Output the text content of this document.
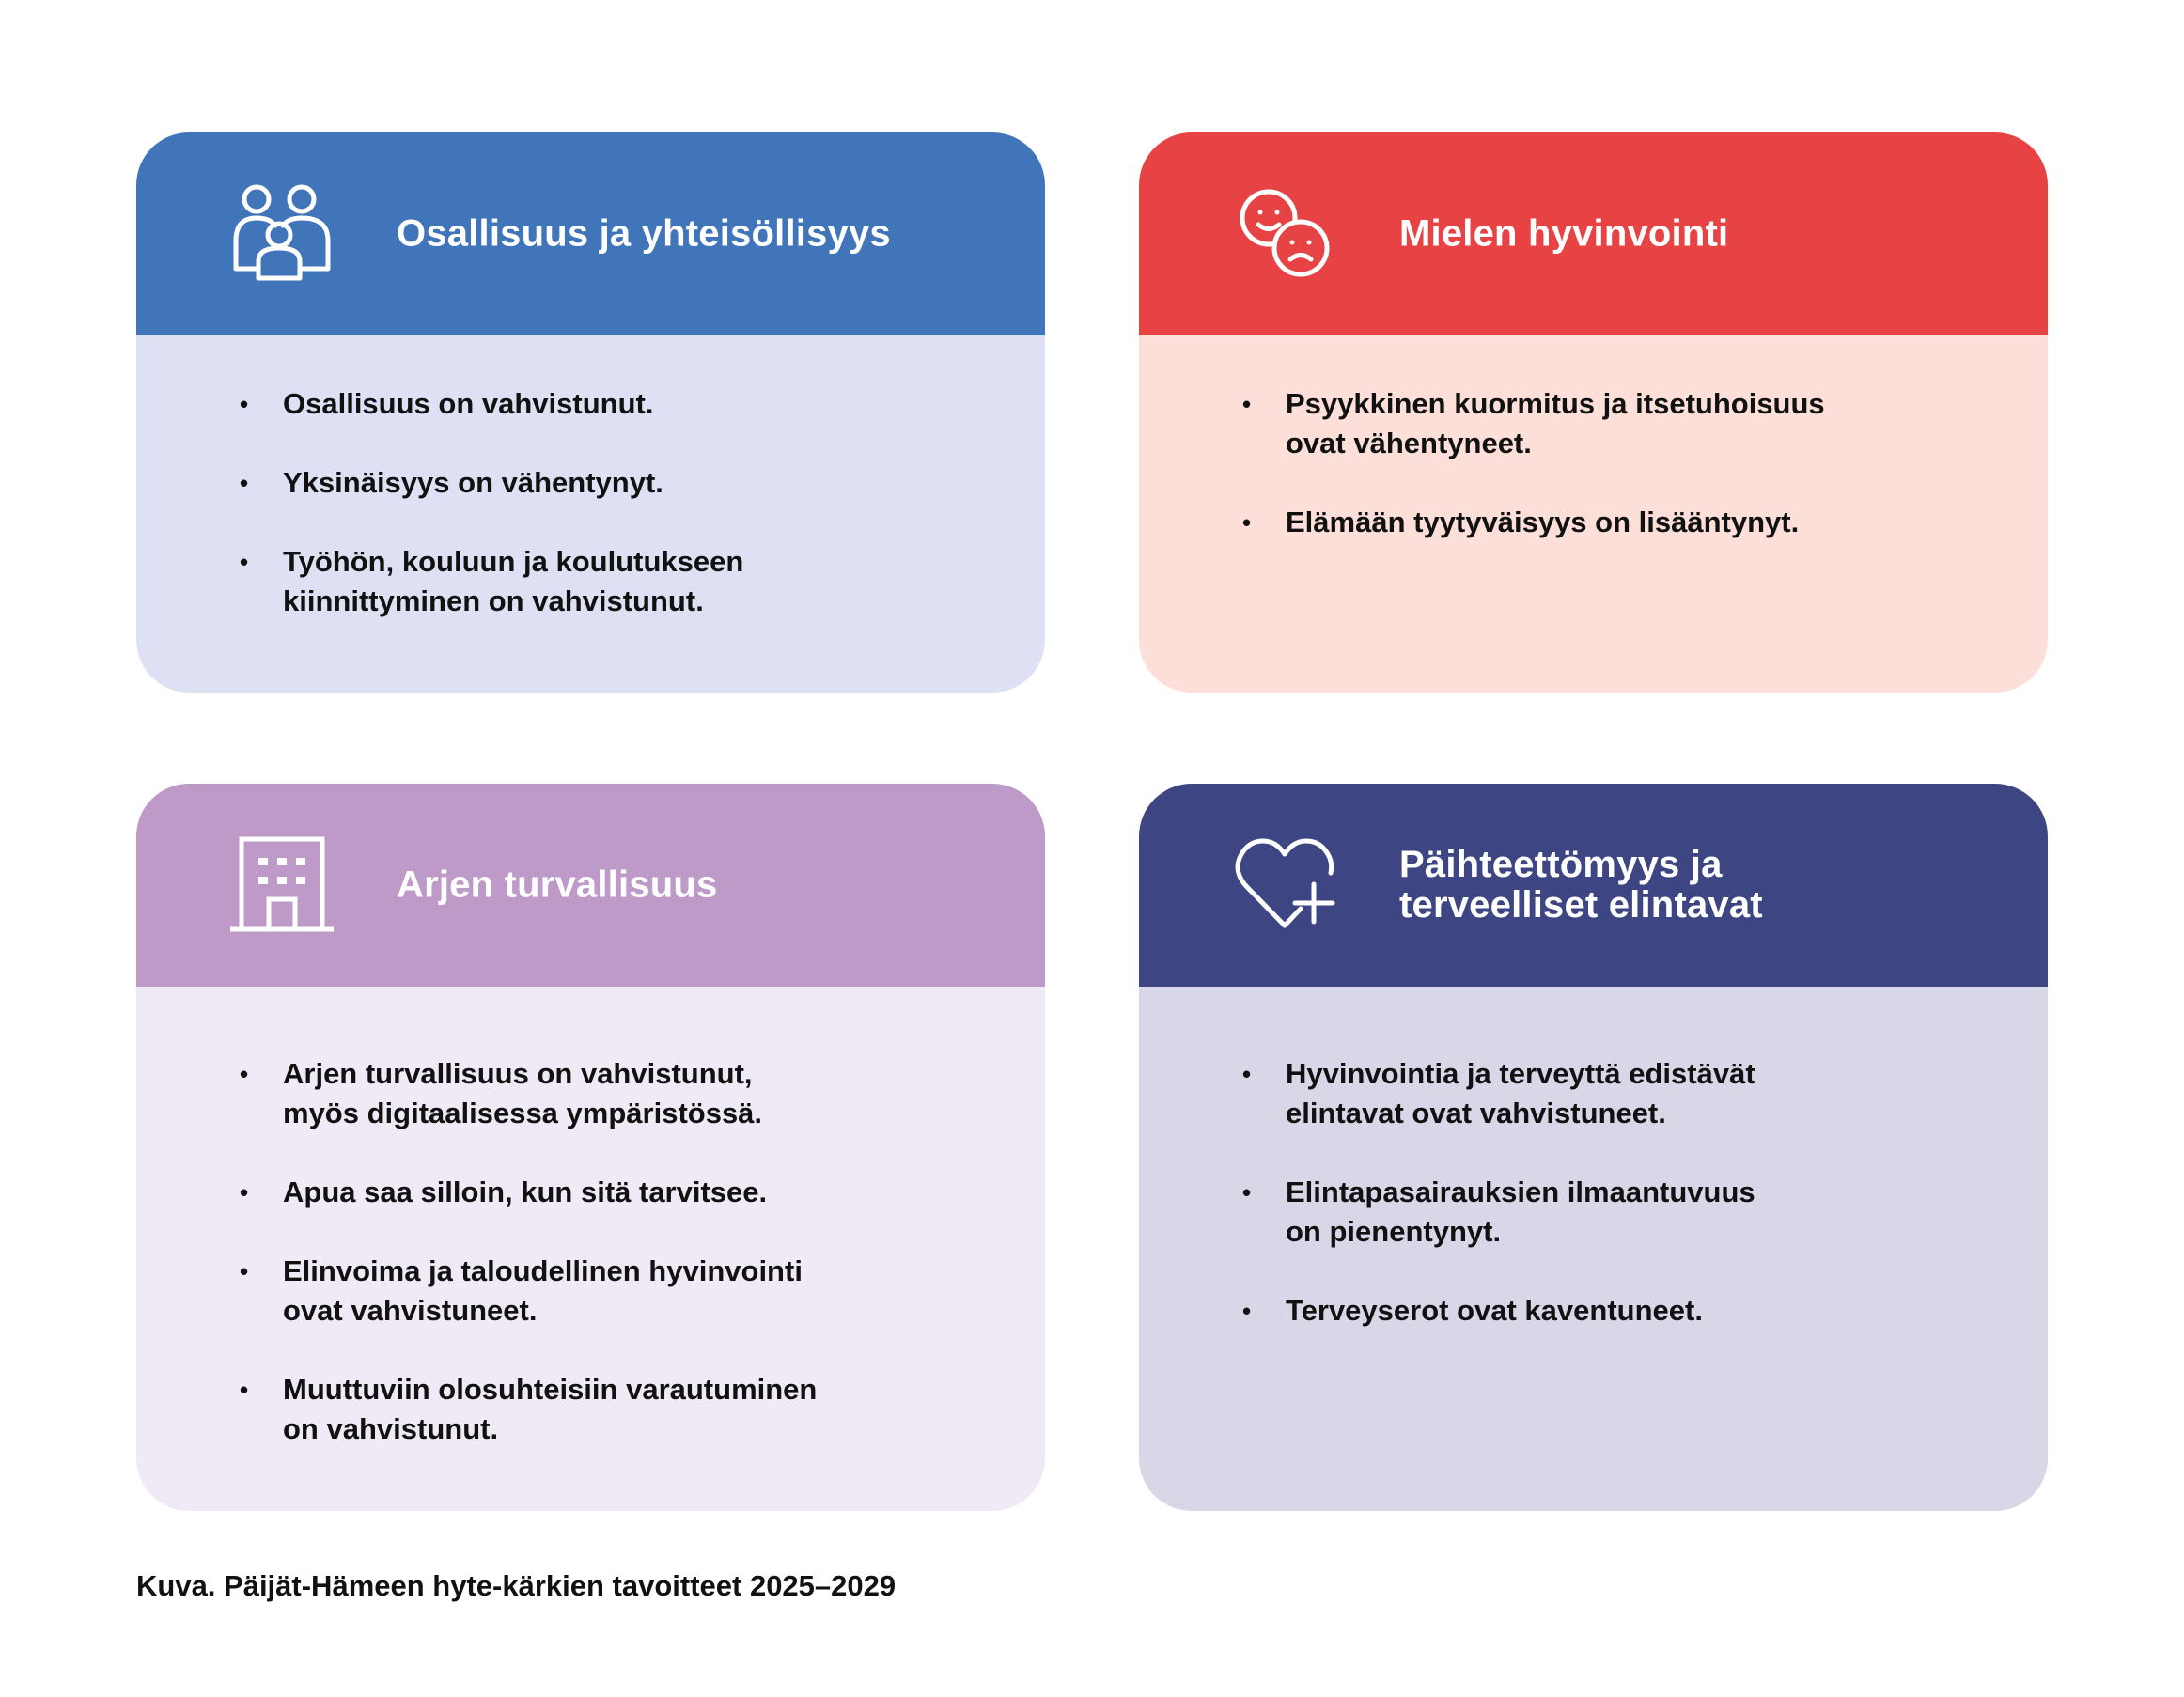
Osallisuus ja yhteisöllisyys
• Osallisuus on vahvistunut.
• Yksinäisyys on vähentynyt.
• Työhön, kouluun ja koulutukseen
kiinnittyminen on vahvistunut.
Mielen hyvinvointi
• Psyykkinen kuormitus ja itsetuhoisuus
ovat vähentyneet.
• Elämään tyytyväisyys on lisääntynyt.
Arjen turvallisuus
• Arjen turvallisuus on vahvistunut,
myös digitaalisessa ympäristössä.
• Apua saa silloin, kun sitä tarvitsee.
• Elinvoima ja taloudellinen hyvinvointi
ovat vahvistuneet.
• Muuttuviin olosuhteisiin varautuminen
on vahvistunut.
Päihteettömyys ja
terveelliset elintavat
• Hyvinvointia ja terveyttä edistävät
elintavat ovat vahvistuneet.
• Elintapasairauksien ilmaantuvuus
on pienentynyt.
• Terveyserot ovat kaventuneet.
Kuva. Päijät-Hämeen hyte-kärkien tavoitteet 2025–2029
